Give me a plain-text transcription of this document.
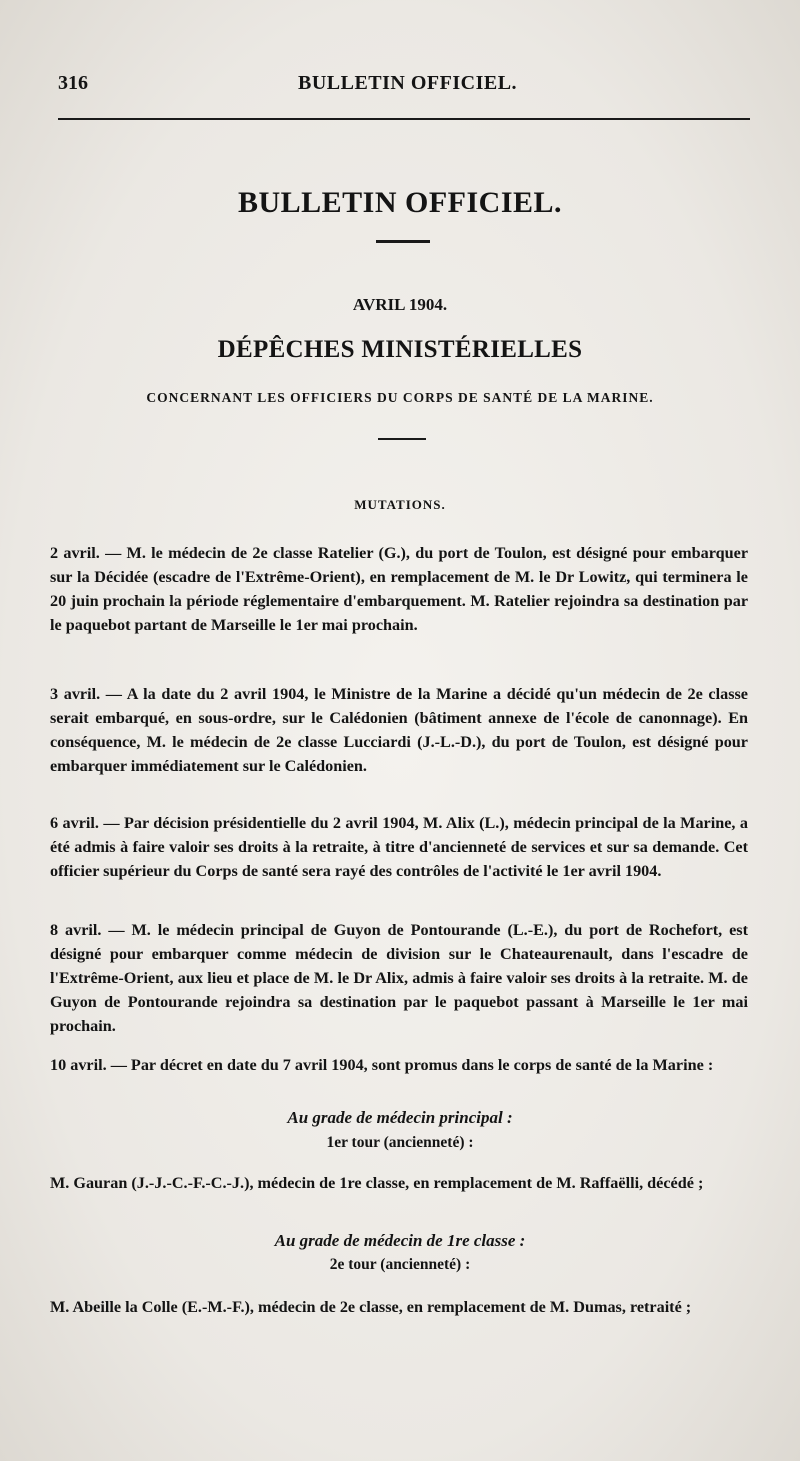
316	BULLETIN OFFICIEL.
BULLETIN OFFICIEL.
AVRIL 1904.
DÉPÊCHES MINISTÉRIELLES
CONCERNANT LES OFFICIERS DU CORPS DE SANTÉ DE LA MARINE.
MUTATIONS.
2 avril. — M. le médecin de 2e classe Ratelier (G.), du port de Toulon, est désigné pour embarquer sur la Décidée (escadre de l'Extrême-Orient), en remplacement de M. le Dr Lowitz, qui terminera le 20 juin prochain la période réglementaire d'embarquement. M. Ratelier rejoindra sa destination par le paquebot partant de Marseille le 1er mai prochain.
3 avril. — A la date du 2 avril 1904, le Ministre de la Marine a décidé qu'un médecin de 2e classe serait embarqué, en sous-ordre, sur le Calédonien (bâtiment annexe de l'école de canonnage). En conséquence, M. le médecin de 2e classe Lucciardi (J.-L.-D.), du port de Toulon, est désigné pour embarquer immédiatement sur le Calédonien.
6 avril. — Par décision présidentielle du 2 avril 1904, M. Alix (L.), médecin principal de la Marine, a été admis à faire valoir ses droits à la retraite, à titre d'ancienneté de services et sur sa demande. Cet officier supérieur du Corps de santé sera rayé des contrôles de l'activité le 1er avril 1904.
8 avril. — M. le médecin principal de Guyon de Pontourande (L.-E.), du port de Rochefort, est désigné pour embarquer comme médecin de division sur le Chateaurenault, dans l'escadre de l'Extrême-Orient, aux lieu et place de M. le Dr Alix, admis à faire valoir ses droits à la retraite. M. de Guyon de Pontourande rejoindra sa destination par le paquebot passant à Marseille le 1er mai prochain.
10 avril. — Par décret en date du 7 avril 1904, sont promus dans le corps de santé de la Marine :
Au grade de médecin principal :
1er tour (ancienneté) :
M. Gauran (J.-J.-C.-F.-C.-J.), médecin de 1re classe, en remplacement de M. Raffaëlli, décédé ;
Au grade de médecin de 1re classe :
2e tour (ancienneté) :
M. Abeille la Colle (E.-M.-F.), médecin de 2e classe, en remplacement de M. Dumas, retraité ;
